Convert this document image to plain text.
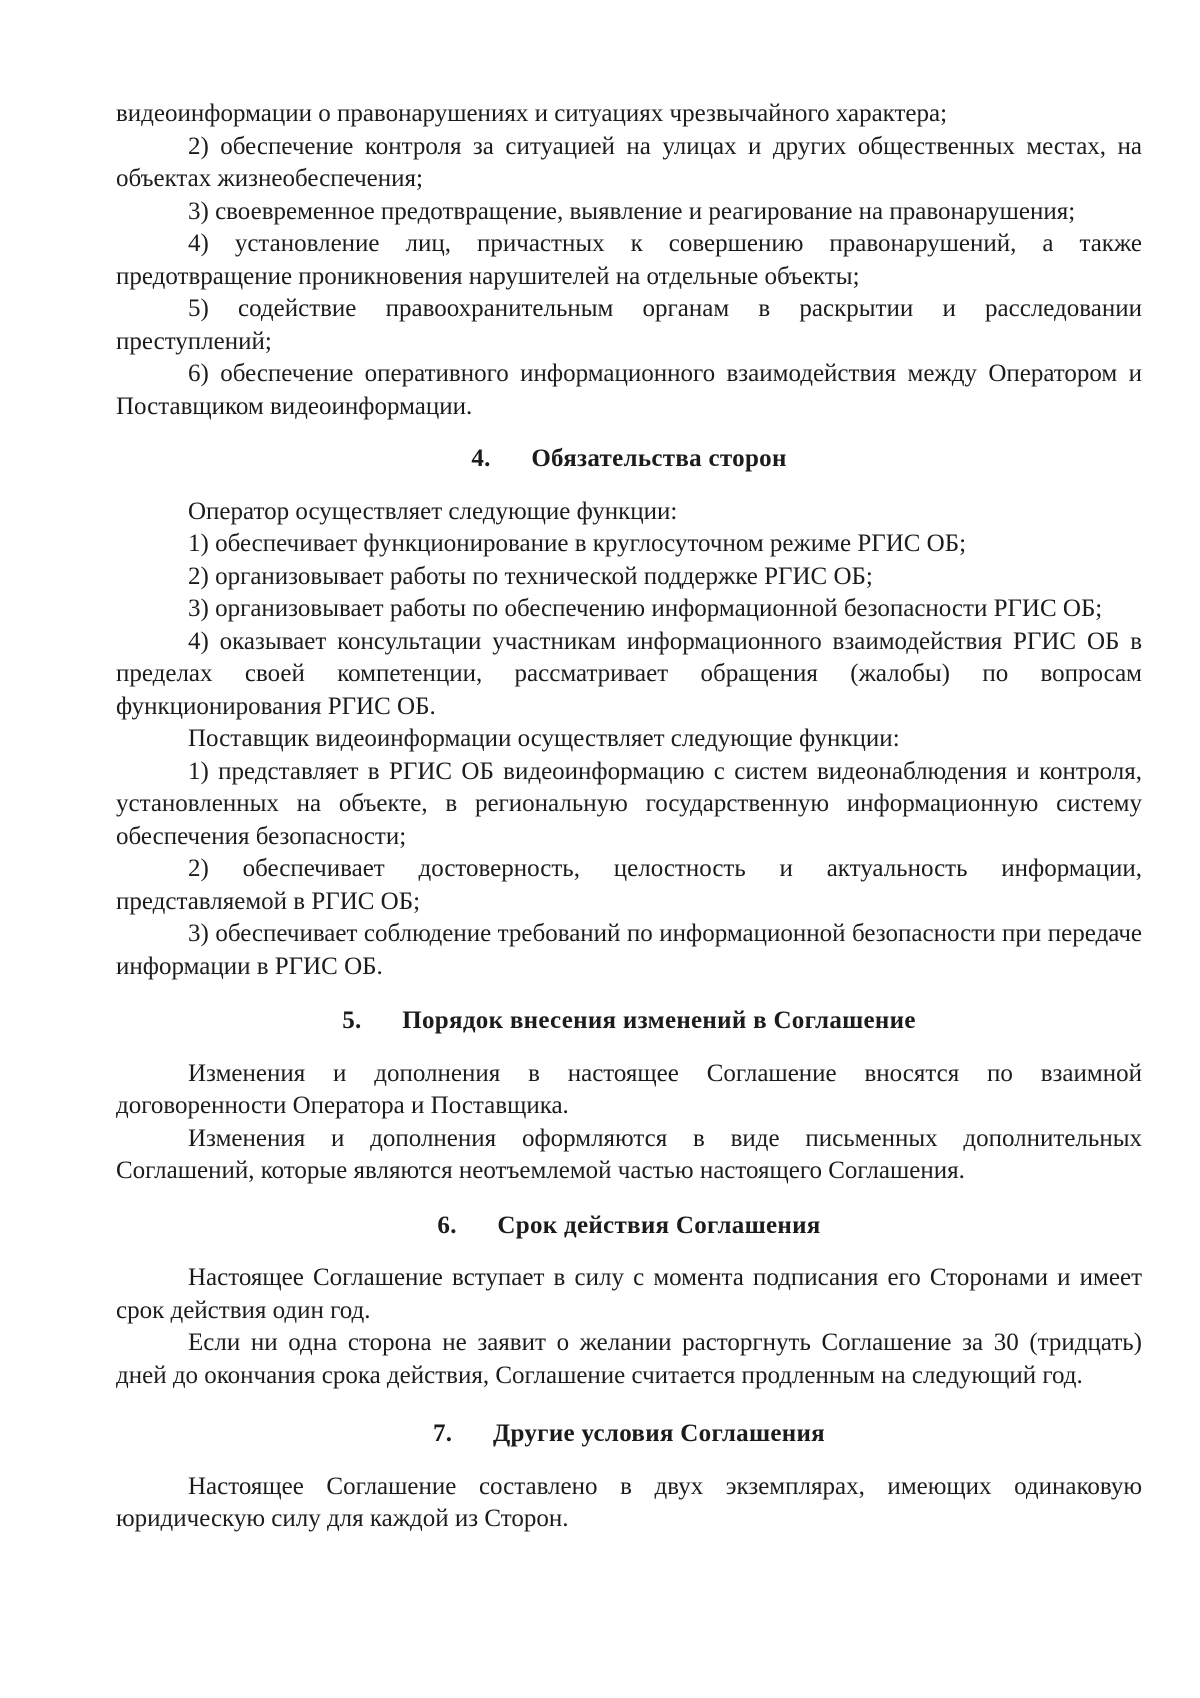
видеоинформации о правонарушениях и ситуациях чрезвычайного характера;

2) обеспечение контроля за ситуацией на улицах и других общественных местах, на объектах жизнеобеспечения;

3) своевременное предотвращение, выявление и реагирование на правонарушения;

4) установление лиц, причастных к совершению правонарушений, а также предотвращение проникновения нарушителей на отдельные объекты;

5) содействие правоохранительным органам в раскрытии и расследовании преступлений;

6) обеспечение оперативного информационного взаимодействия между Оператором и Поставщиком видеоинформации.

4. Обязательства сторон

Оператор осуществляет следующие функции:

1) обеспечивает функционирование в круглосуточном режиме РГИС ОБ;

2) организовывает работы по технической поддержке РГИС ОБ;

3) организовывает работы по обеспечению информационной безопасности РГИС ОБ;

4) оказывает консультации участникам информационного взаимодействия РГИС ОБ в пределах своей компетенции, рассматривает обращения (жалобы) по вопросам функционирования РГИС ОБ.

Поставщик видеоинформации осуществляет следующие функции:

1) представляет в РГИС ОБ видеоинформацию с систем видеонаблюдения и контроля, установленных на объекте, в региональную государственную информационную систему обеспечения безопасности;

2) обеспечивает достоверность, целостность и актуальность информации, представляемой в РГИС ОБ;

3) обеспечивает соблюдение требований по информационной безопасности при передаче информации в РГИС ОБ.

5. Порядок внесения изменений в Соглашение

Изменения и дополнения в настоящее Соглашение вносятся по взаимной договоренности Оператора и Поставщика.

Изменения и дополнения оформляются в виде письменных дополнительных Соглашений, которые являются неотъемлемой частью настоящего Соглашения.

6. Срок действия Соглашения

Настоящее Соглашение вступает в силу с момента подписания его Сторонами и имеет срок действия один год.

Если ни одна сторона не заявит о желании расторгнуть Соглашение за 30 (тридцать) дней до окончания срока действия, Соглашение считается продленным на следующий год.

7. Другие условия Соглашения

Настоящее Соглашение составлено в двух экземплярах, имеющих одинаковую юридическую силу для каждой из Сторон.
